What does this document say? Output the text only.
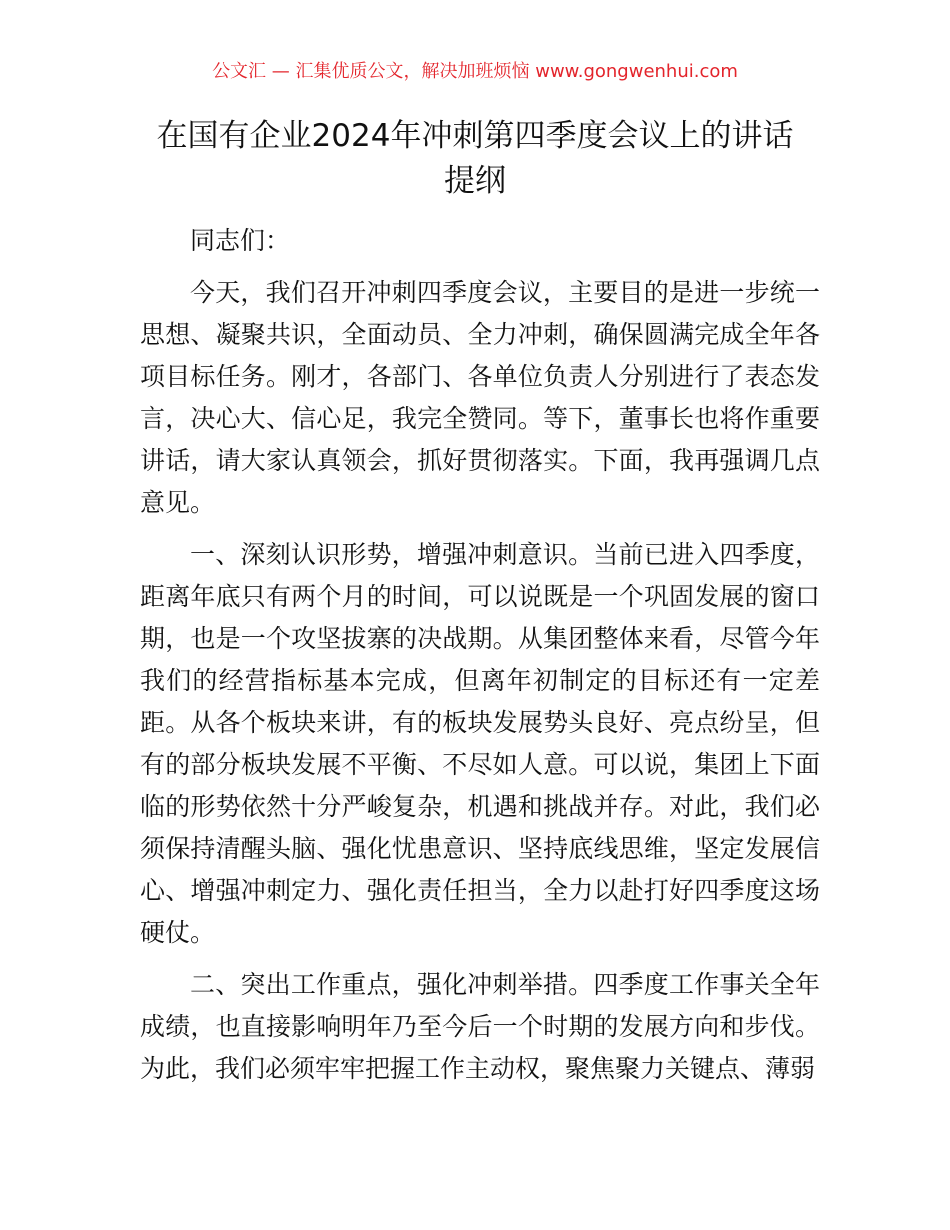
公文汇 — 汇集优质公文，解决加班烦恼 www.gongwenhui.com
在国有企业2024年冲刺第四季度会议上的讲话
提纲
同志们：
今天，我们召开冲刺四季度会议，主要目的是进一步统一
思想、凝聚共识，全面动员、全力冲刺，确保圆满完成全年各
项目标任务。刚才，各部门、各单位负责人分别进行了表态发
言，决心大、信心足，我完全赞同。等下，董事长也将作重要
讲话，请大家认真领会，抓好贯彻落实。下面，我再强调几点
意见。
一、深刻认识形势，增强冲刺意识。当前已进入四季度，
距离年底只有两个月的时间，可以说既是一个巩固发展的窗口
期，也是一个攻坚拔寨的决战期。从集团整体来看，尽管今年
我们的经营指标基本完成，但离年初制定的目标还有一定差
距。从各个板块来讲，有的板块发展势头良好、亮点纷呈，但
有的部分板块发展不平衡、不尽如人意。可以说，集团上下面
临的形势依然十分严峻复杂，机遇和挑战并存。对此，我们必
须保持清醒头脑、强化忧患意识、坚持底线思维，坚定发展信
心、增强冲刺定力、强化责任担当，全力以赴打好四季度这场
硬仗。
二、突出工作重点，强化冲刺举措。四季度工作事关全年
成绩，也直接影响明年乃至今后一个时期的发展方向和步伐。
为此，我们必须牢牢把握工作主动权，聚焦聚力关键点、薄弱
